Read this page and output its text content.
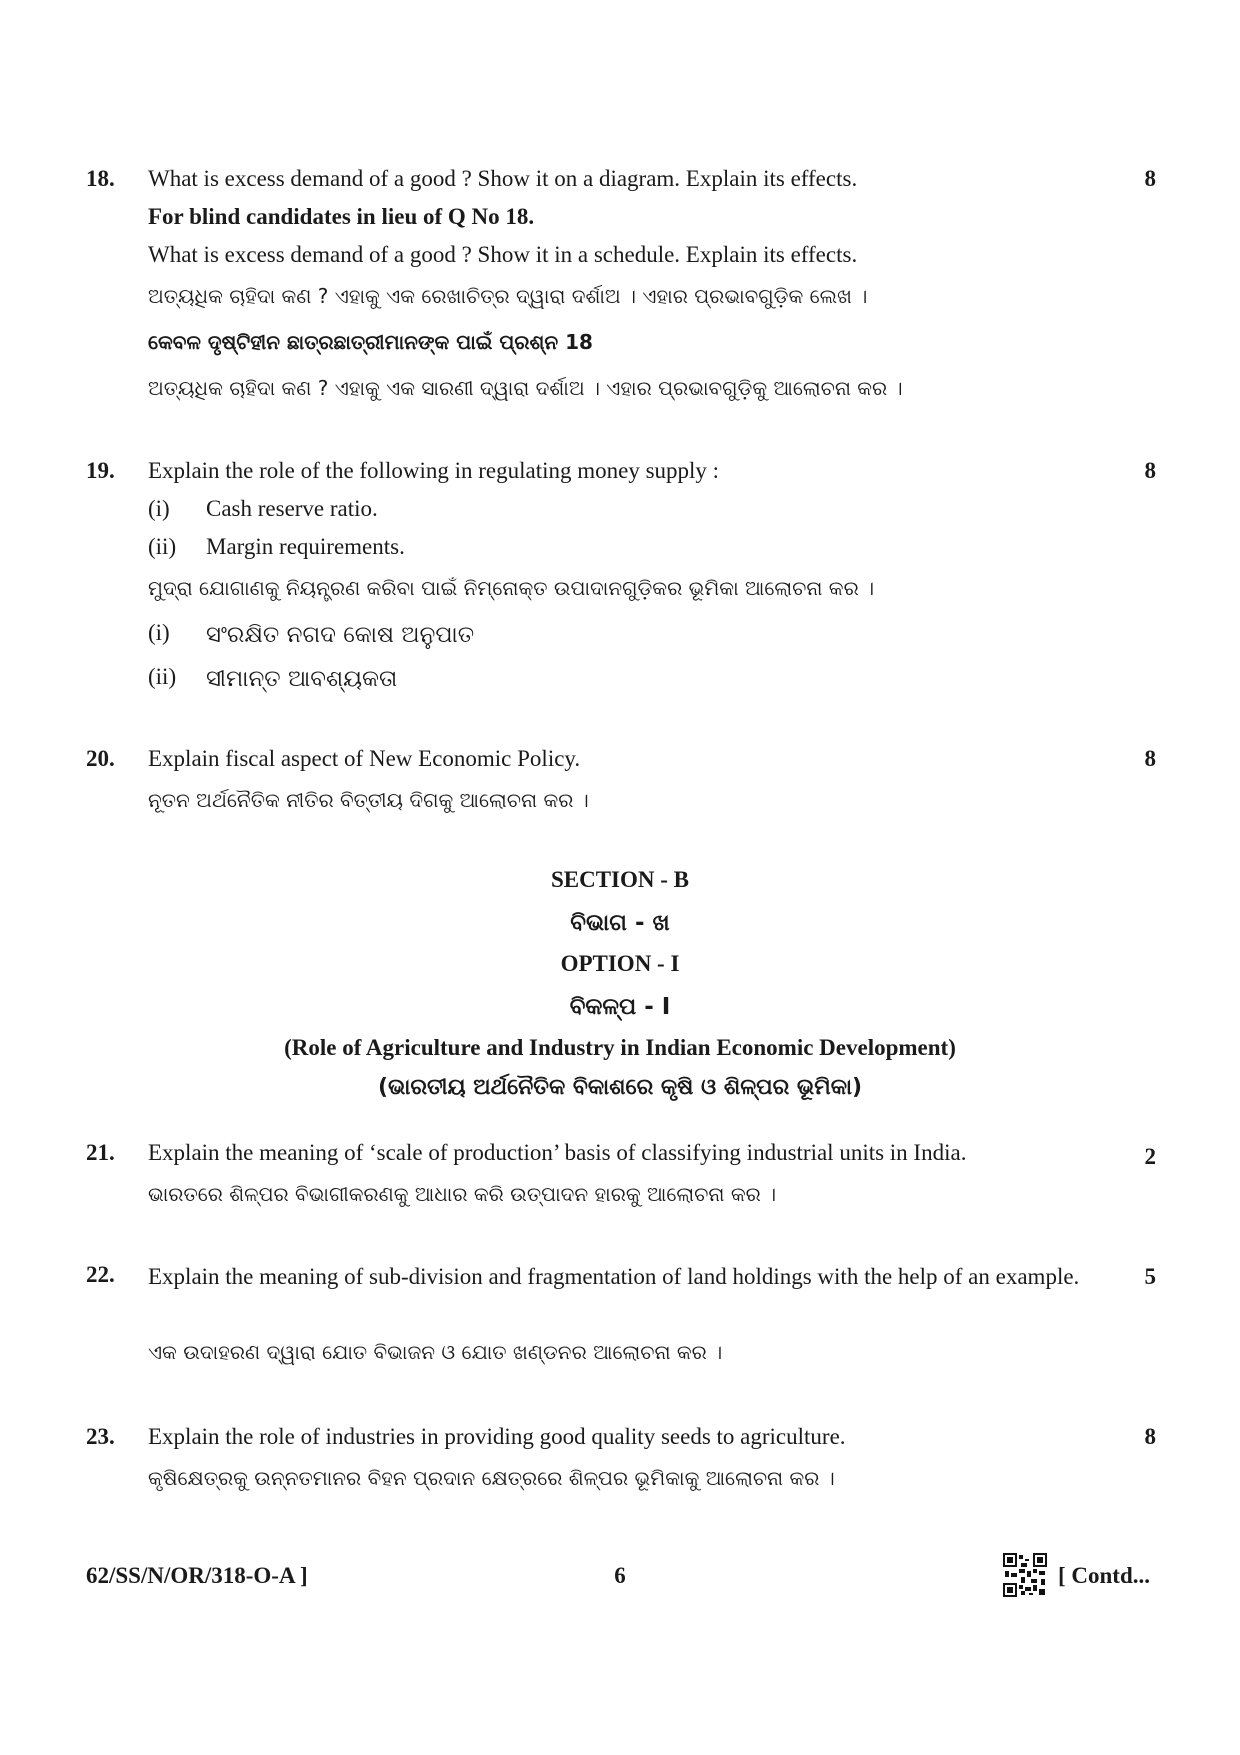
18.	8
What is excess demand of a good ? Show it on a diagram. Explain its effects.
For blind candidates in lieu of Q No 18.
What is excess demand of a good ? Show it in a schedule. Explain its effects.
ଅତ୍ୟଧିକ ଚାହିଦା କଣ ? ଏହାକୁ ଏକ ରେଖାଚିତ୍ର ଦ୍ୱାରା ଦର୍ଶାଅ । ଏହାର ପ୍ରଭାବଗୁଡ଼ିକ ଲେଖ ।
କେବଳ ଦୃଷ୍ଟିହୀନ ଛାତ୍ରଛାତ୍ରୀମାନଙ୍କ ପାଇଁ ପ୍ରଶ୍ନ 18
ଅତ୍ୟଧିକ ଚାହିଦା କଣ ? ଏହାକୁ ଏକ ସାରଣୀ ଦ୍ୱାରା ଦର୍ଶାଅ । ଏହାର ପ୍ରଭାବଗୁଡ଼ିକୁ ଆଲୋଚନା କର ।
19.	8
Explain the role of the following in regulating money supply :
(i) Cash reserve ratio.
(ii) Margin requirements.
ମୁଦ୍ରା ଯୋଗାଣକୁ ନିୟନ୍ତ୍ରଣ କରିବା ପାଇଁ ନିମ୍ନୋକ୍ତ ଉପାଦାନଗୁଡ଼ିକର ଭୂମିକା ଆଲୋଚନା କର ।
(i) ସଂରକ୍ଷିତ ନଗଦ କୋଷ ଅନୁପାତ
(ii) ସୀମାନ୍ତ ଆବଶ୍ୟକତା
20.	8
Explain fiscal aspect of New Economic Policy.
ନୂତନ ଅର୍ଥନୈତିକ ନୀତିର ବିତ୍ତୀୟ ଦିଗକୁ ଆଲୋଚନା କର ।
SECTION - B
ବିଭାଗ - ଖ
OPTION - I
ବିକଳ୍ପ - I
(Role of Agriculture and Industry in Indian Economic Development)
(ଭାରତୀୟ ଅର୍ଥନୈତିକ ବିକାଶରେ କୃଷି ଓ ଶିଳ୍ପର ଭୂମିକା)
21.	2
Explain the meaning of ‘scale of production’ basis of classifying industrial units in India.
ଭାରତରେ ଶିଳ୍ପର ବିଭାଗୀକରଣକୁ ଆଧାର କରି ଉତ୍ପାଦନ ହାରକୁ ଆଲୋଚନା କର ।
22.	5
Explain the meaning of sub-division and fragmentation of land holdings with the help of an example.
ଏକ ଉଦାହରଣ ଦ୍ୱାରା ଯୋତ ବିଭାଜନ ଓ ଯୋତ ଖଣ୍ଡନର ଆଲୋଚନା କର ।
23.	8
Explain the role of industries in providing good quality seeds to agriculture.
କୃଷିକ୍ଷେତ୍ରକୁ ଉନ୍ନତମାନର ବିହନ ପ୍ରଦାନ କ୍ଷେତ୍ରରେ ଶିଳ୍ପର ଭୂମିକାକୁ ଆଲୋଚନା କର ।
62/SS/N/OR/318-O-A ]	6	[ Contd...
